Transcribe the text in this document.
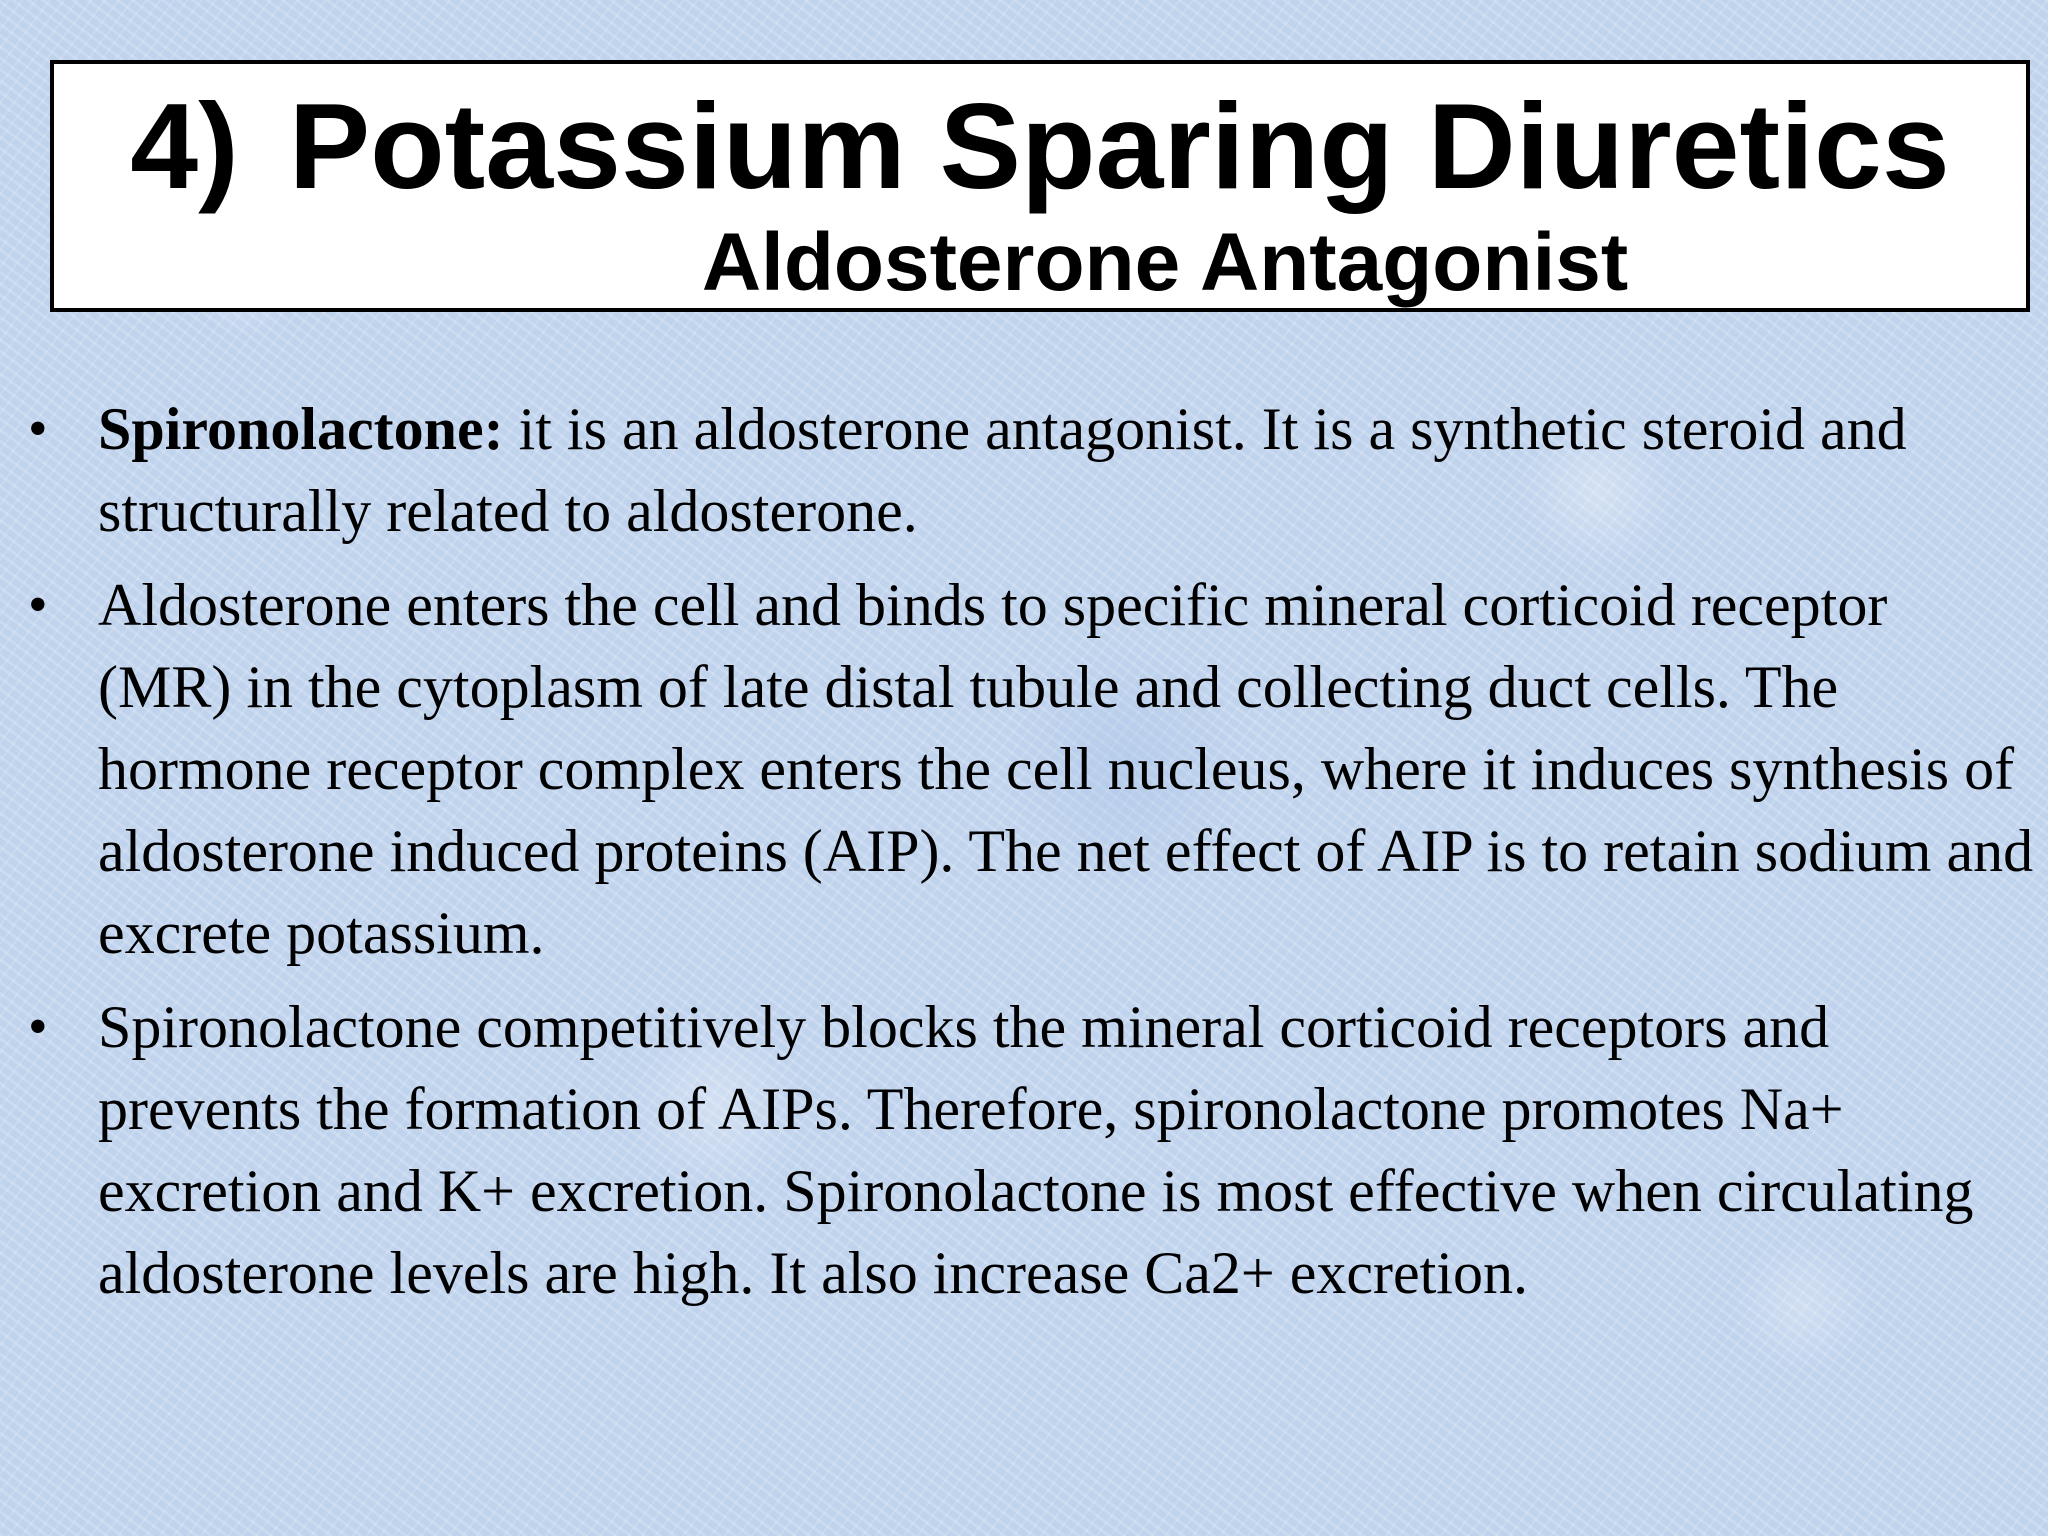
4) Potassium Sparing Diuretics
Aldosterone Antagonist
• Spironolactone: it is an aldosterone antagonist. It is a synthetic steroid and structurally related to aldosterone.
• Aldosterone enters the cell and binds to specific mineral corticoid receptor (MR) in the cytoplasm of late distal tubule and collecting duct cells. The hormone receptor complex enters the cell nucleus, where it induces synthesis of aldosterone induced proteins (AIP). The net effect of AIP is to retain sodium and excrete potassium.
• Spironolactone competitively blocks the mineral corticoid receptors and prevents the formation of AIPs. Therefore, spironolactone promotes Na+ excretion and K+ excretion. Spironolactone is most effective when circulating aldosterone levels are high. It also increase Ca2+ excretion.
